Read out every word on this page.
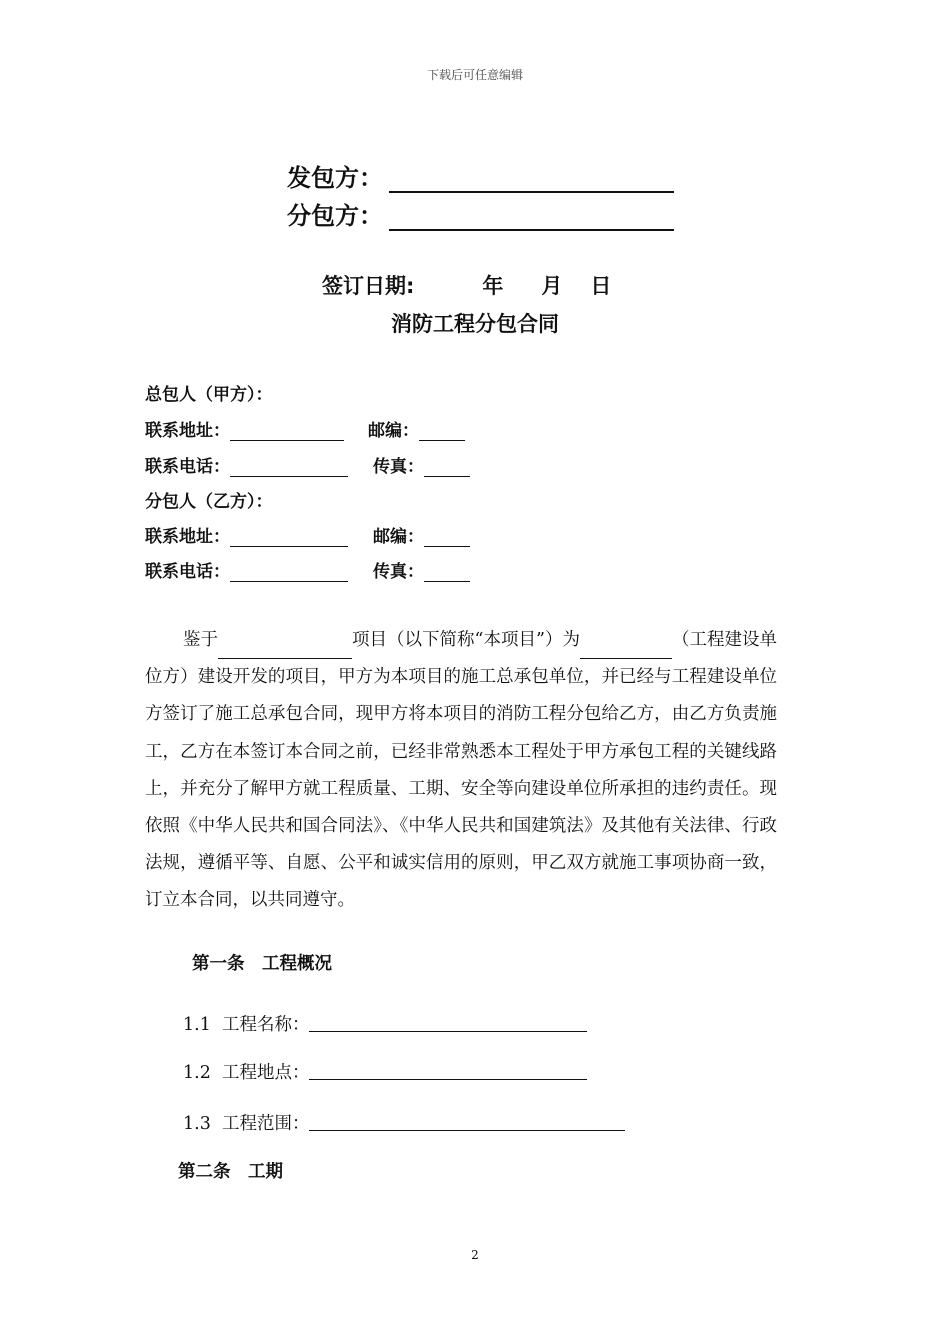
下载后可任意编辑
发包方：
分包方：
签订日期:	年 月 日
消防工程分包合同
总包人（甲方）：
联系地址：	邮编：
联系电话：	传真：
分包人（乙方）：
联系地址：	邮编：
联系电话：	传真：
鉴于	项目（以下简称“本项目”）为	（工程建设单位方）建设开发的项目，甲方为本项目的施工总承包单位，并已经与工程建设单位方签订了施工总承包合同，现甲方将本项目的消防工程分包给乙方，由乙方负责施工，乙方在本签订本合同之前，已经非常熟悉本工程处于甲方承包工程的关键线路上，并充分了解甲方就工程质量、工期、安全等向建设单位所承担的违约责任。现依照《中华人民共和国合同法》、《中华人民共和国建筑法》及其他有关法律、行政法规，遵循平等、自愿、公平和诚实信用的原则，甲乙双方就施工事项协商一致，订立本合同，以共同遵守。
第一条　工程概况
1.1 工程名称：
1.2 工程地点：
1.3 工程范围：
第二条　工期
2
